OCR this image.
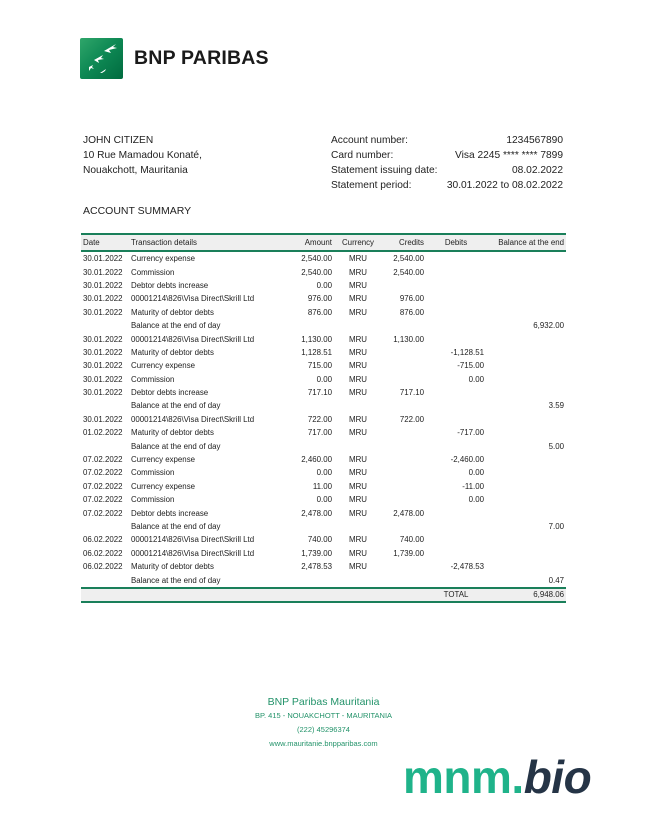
BNP PARIBAS
JOHN CITIZEN
10 Rue Mamadou Konaté,
Nouakchott, Mauritania
Account number:	1234567890
Card number:	Visa 2245 **** **** 7899
Statement issuing date:	08.02.2022
Statement period:	30.01.2022 to 08.02.2022
ACCOUNT SUMMARY
Date	Transaction details	Amount	Currency	Credits	Debits	Balance at the end
30.01.2022	Currency expense	2,540.00	MRU	2,540.00		
30.01.2022	Commission	2,540.00	MRU	2,540.00		
30.01.2022	Debtor debts increase	0.00	MRU			
30.01.2022	00001214\826\Visa Direct\Skrill Ltd	976.00	MRU	976.00		
30.01.2022	Maturity of debtor debts	876.00	MRU	876.00		
	Balance at the end of day					6,932.00
30.01.2022	00001214\826\Visa Direct\Skrill Ltd	1,130.00	MRU	1,130.00		
30.01.2022	Maturity of debtor debts	1,128.51	MRU		-1,128.51	
30.01.2022	Currency expense	715.00	MRU		-715.00	
30.01.2022	Commission	0.00	MRU		0.00	
30.01.2022	Debtor debts increase	717.10	MRU	717.10		
	Balance at the end of day					3.59
30.01.2022	00001214\826\Visa Direct\Skrill Ltd	722.00	MRU	722.00		
01.02.2022	Maturity of debtor debts	717.00	MRU		-717.00	
	Balance at the end of day					5.00
07.02.2022	Currency expense	2,460.00	MRU		-2,460.00	
07.02.2022	Commission	0.00	MRU		0.00	
07.02.2022	Currency expense	11.00	MRU		-11.00	
07.02.2022	Commission	0.00	MRU		0.00	
07.02.2022	Debtor debts increase	2,478.00	MRU	2,478.00		
	Balance at the end of day					7.00
06.02.2022	00001214\826\Visa Direct\Skrill Ltd	740.00	MRU	740.00		
06.02.2022	00001214\826\Visa Direct\Skrill Ltd	1,739.00	MRU	1,739.00		
06.02.2022	Maturity of debtor debts	2,478.53	MRU		-2,478.53	
	Balance at the end of day					0.47
					TOTAL	6,948.06
BNP Paribas Mauritania
BP. 415 - NOUAKCHOTT - MAURITANIA
(222) 45296374
www.mauritanie.bnpparibas.com
mnm.bio
